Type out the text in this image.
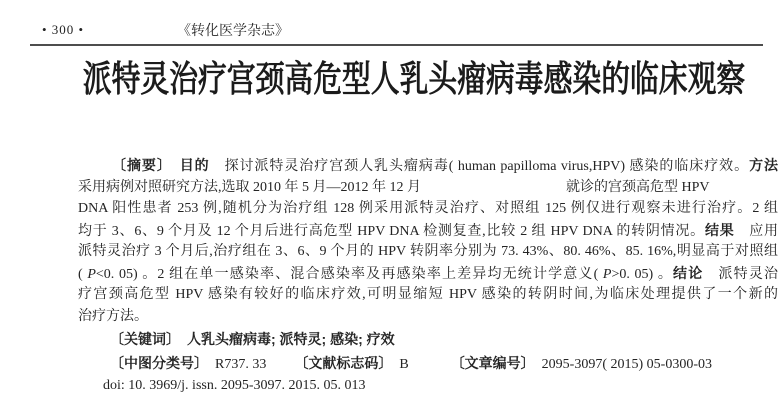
• 300 •	《转化医学杂志》
派特灵治疗宫颈高危型人乳头瘤病毒感染的临床观察
〔摘要〕　目的　探讨派特灵治疗宫颈人乳头瘤病毒( human papilloma virus,HPV) 感染的临床疗效。方法
采用病例对照研究方法,选取 2010 年 5 月—2012 年 12 月	就诊的宫颈高危型 HPV
DNA 阳性患者 253 例,随机分为治疗组 128 例采用派特灵治疗、对照组 125 例仅进行观察未进行治疗。2 组
均于 3、6、9 个月及 12 个月后进行高危型 HPV DNA 检测复查,比较 2 组 HPV DNA 的转阴情况。结果　应用
派特灵治疗 3 个月后,治疗组在 3、6、9 个月的 HPV 转阴率分别为 73. 43%、80. 46%、85. 16%,明显高于对照组
( P<0. 05) 。2 组在单一感染率、混合感染率及再感染率上差异均无统计学意义( P>0. 05) 。结论　派特灵治
疗宫颈高危型 HPV 感染有较好的临床疗效,可明显缩短 HPV 感染的转阴时间,为临床处理提供了一个新的
治疗方法。
〔关键词〕　人乳头瘤病毒; 派特灵; 感染; 疗效
〔中图分类号〕　R737. 33 〔文献标志码〕　B	〔文章编号〕　2095-3097( 2015) 05-0300-03
doi: 10. 3969/j. issn. 2095-3097. 2015. 05. 013
